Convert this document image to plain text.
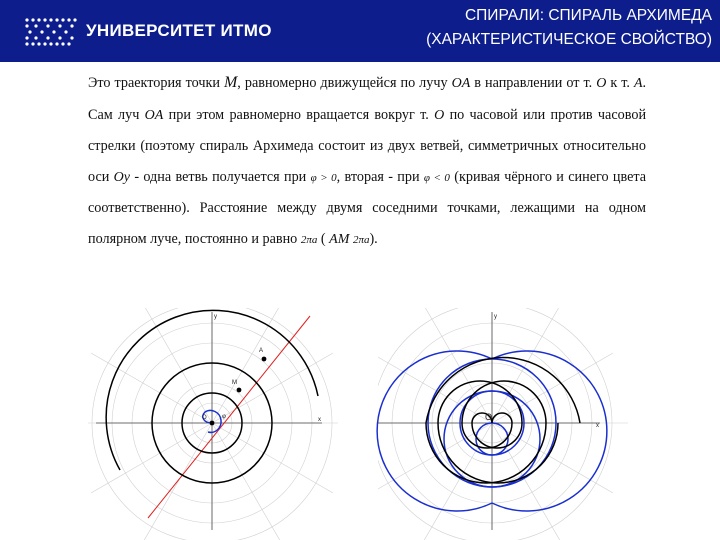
УНИВЕРСИТЕТ ИТМО
СПИРАЛИ: СПИРАЛЬ АРХИМЕДА
(ХАРАКТЕРИСТИЧЕСКОЕ СВОЙСТВО)
Это траектория точки M, равномерно движущейся по лучу OA в направлении от т. O к т. A. Сам луч OA при этом равномерно вращается вокруг т. O по часовой или против часовой стрелки (поэтому спираль Архимеда состоит из двух ветвей, симметричных относительно оси Oy - одна ветвь получается при φ > 0, вторая - при φ < 0 (кривая чёрного и синего цвета соответственно). Расстояние между двумя соседними точками, лежащими на одном полярном луче, постоянно и равно 2πa ( AM 2πa).
A
M
O	φ	x
y
O
x
y
